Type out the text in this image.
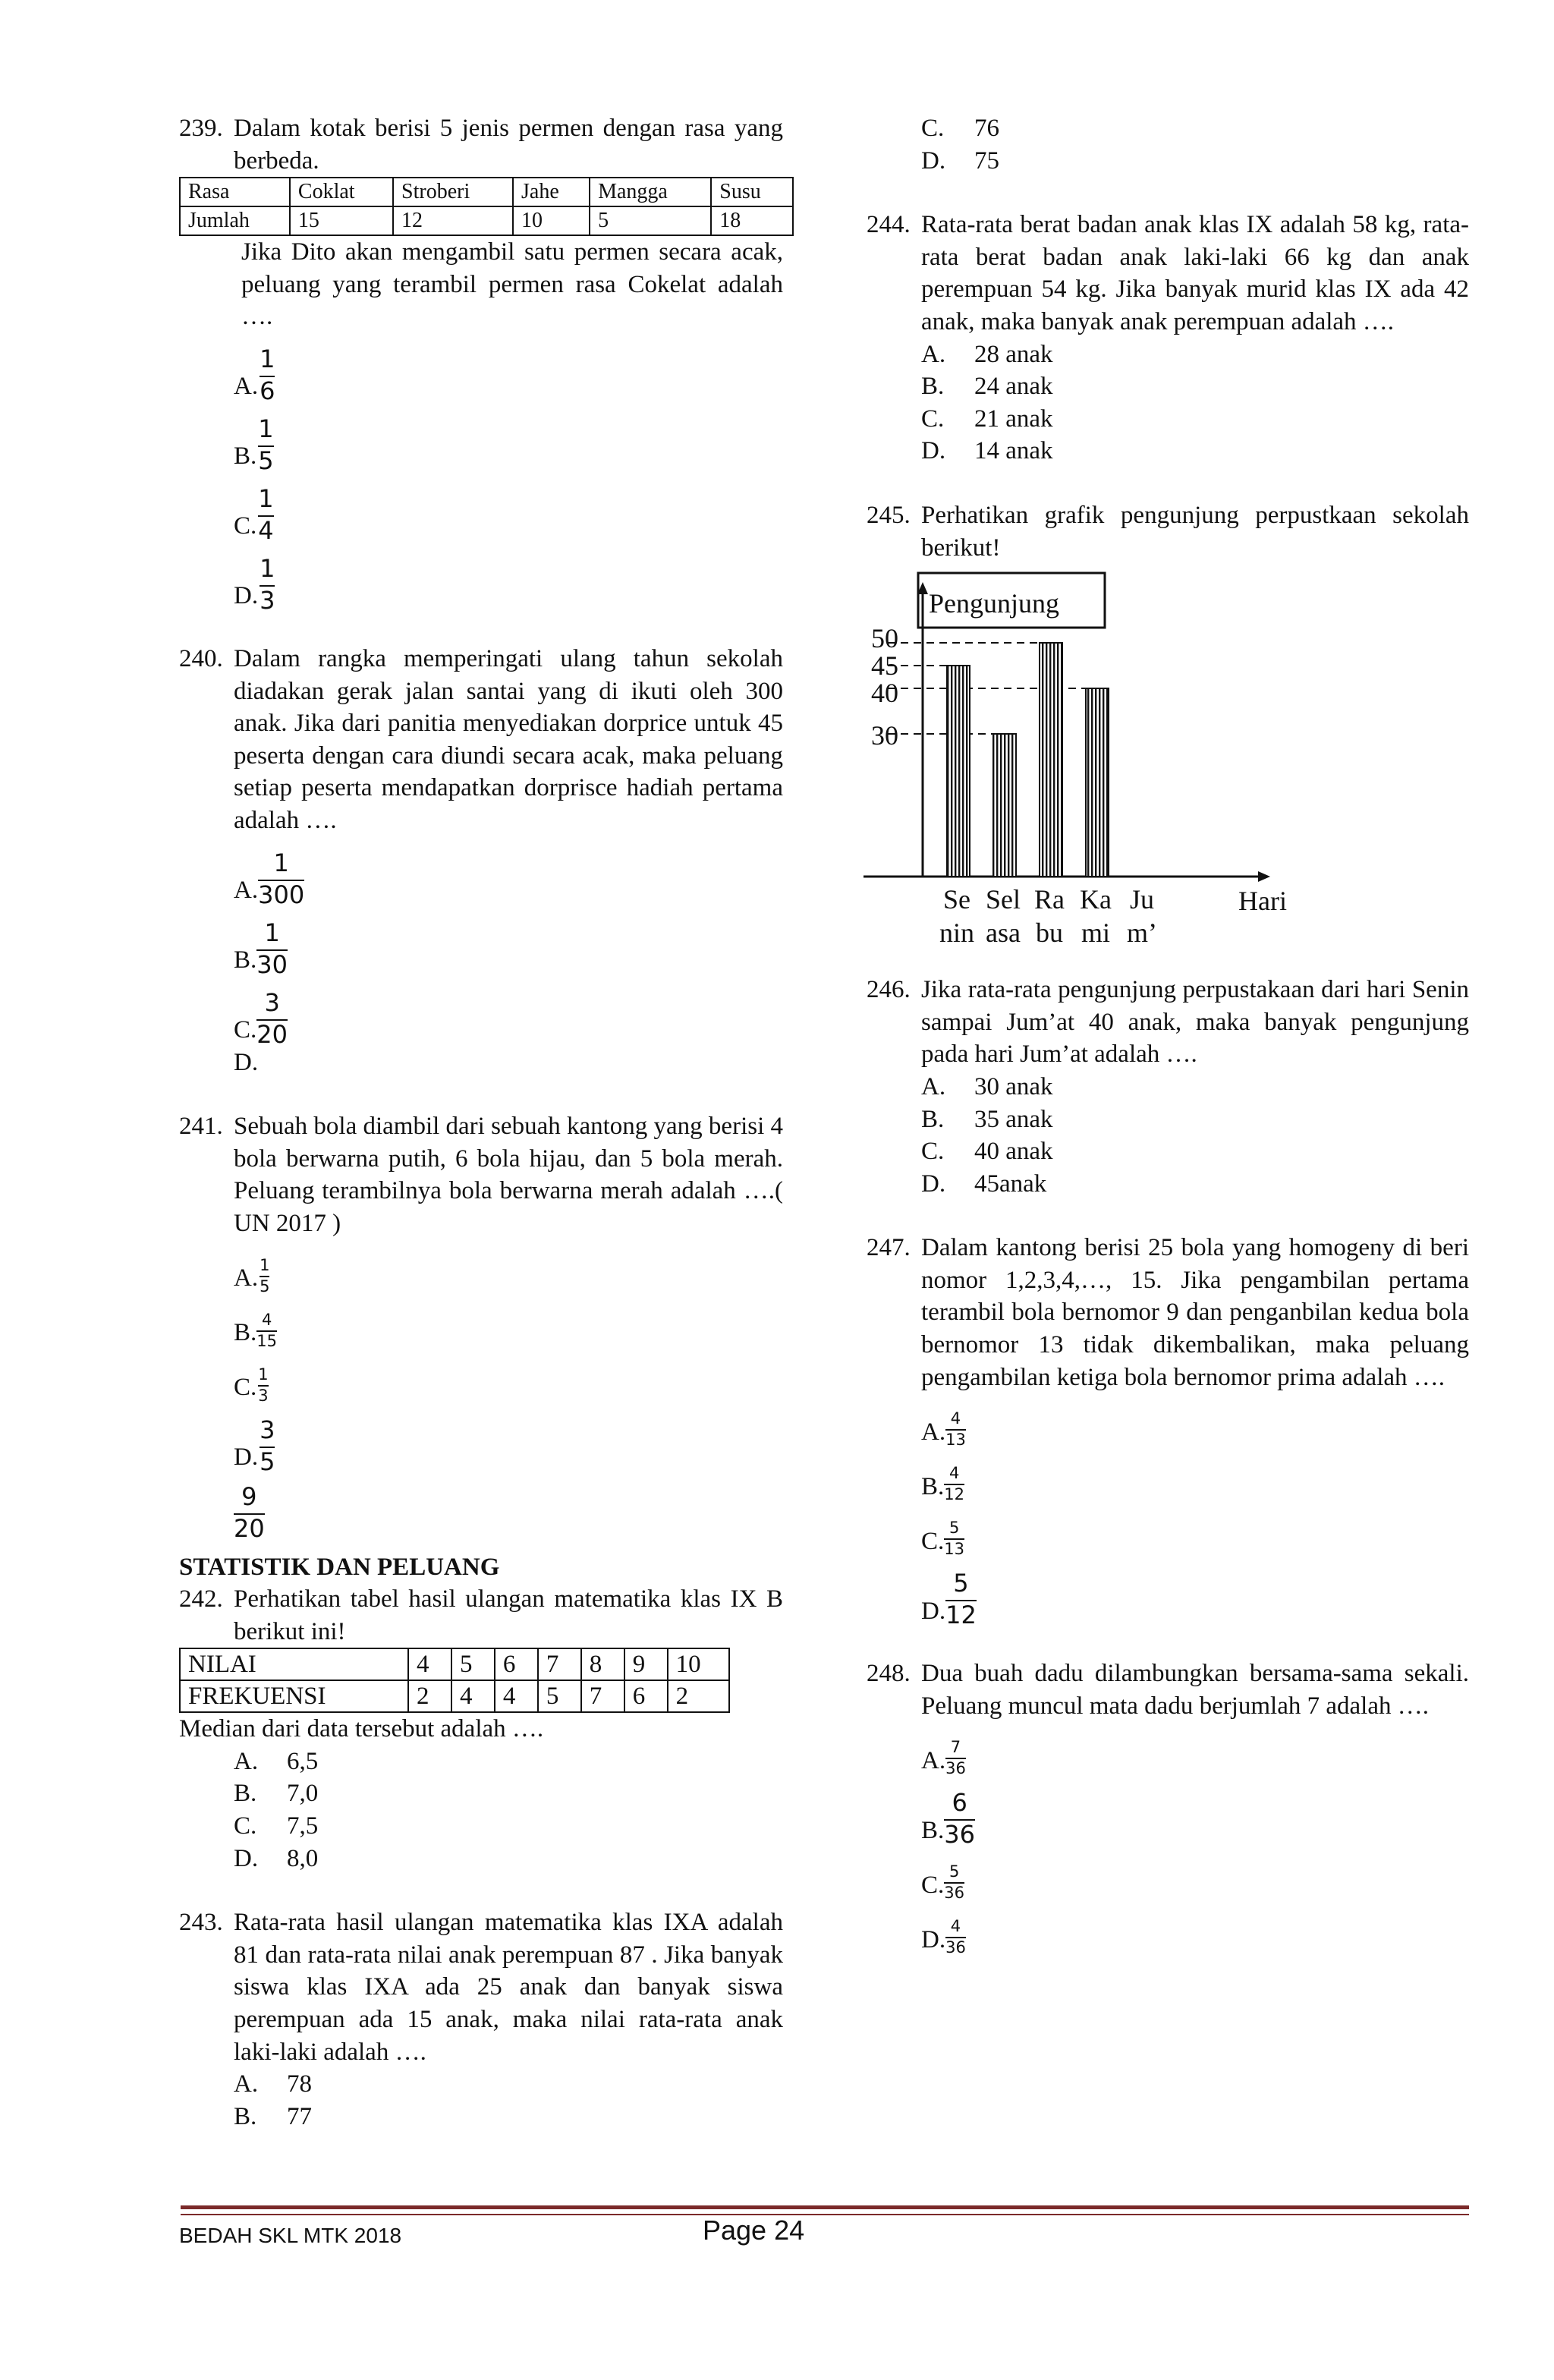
239. Dalam kotak berisi 5 jenis permen dengan rasa yang berbeda.
Rasa	Coklat	Stroberi	Jahe	Mangga	Susu
Jumlah	15	12	10	5	18
Jika Dito akan mengambil satu permen secara acak, peluang yang terambil permen rasa Cokelat adalah ….
A. $\frac{1}{6}$
B. $\frac{1}{5}$
C. $\frac{1}{4}$
D. $\frac{1}{3}$
240. Dalam rangka memperingati ulang tahun sekolah diadakan gerak jalan santai yang di ikuti oleh 300 anak. Jika dari panitia menyediakan dorprice untuk 45 peserta dengan cara diundi secara acak, maka peluang setiap peserta mendapatkan dorprisce hadiah pertama adalah ….
A. $\frac{1}{300}$
B. $\frac{1}{30}$
C. $\frac{3}{20}$
D.
241. Sebuah bola diambil dari sebuah kantong yang berisi 4 bola berwarna putih, 6 bola hijau, dan 5 bola merah. Peluang terambilnya bola berwarna merah adalah ….( UN 2017 )
A. $\frac{1}{5}$
B. $\frac{4}{15}$
C. $\frac{1}{3}$
D. $\frac{3}{5}$
$\frac{9}{20}$
STATISTIK DAN PELUANG
242. Perhatikan tabel hasil ulangan matematika klas IX B berikut ini!
NILAI	4	5	6	7	8	9	10
FREKUENSI	2	4	4	5	7	6	2
Median dari data tersebut adalah ….
A. 6,5
B. 7,0
C. 7,5
D. 8,0
243. Rata-rata hasil ulangan matematika klas IXA adalah 81 dan rata-rata nilai anak perempuan 87 . Jika banyak siswa klas IXA ada 25 anak dan banyak siswa perempuan ada 15 anak, maka nilai rata-rata anak laki-laki adalah ….
A. 78
B. 77
C. 76
D. 75
244. Rata-rata berat badan anak klas IX adalah 58 kg, rata-rata berat badan anak laki-laki 66 kg dan anak perempuan 54 kg. Jika banyak murid klas IX ada 42 anak, maka banyak anak perempuan adalah ….
A. 28 anak
B. 24 anak
C. 21 anak
D. 14 anak
245. Perhatikan grafik pengunjung perpustkaan sekolah berikut!
Pengunjung
Hari
50
45
40
30
Se
nin
Sel
asa
Ra
bu
Ka
mi
Ju
m’
246. Jika rata-rata pengunjung perpustakaan dari hari Senin sampai Jum’at 40 anak, maka banyak pengunjung pada hari Jum’at adalah ….
A. 30 anak
B. 35 anak
C. 40 anak
D. 45anak
247. Dalam kantong berisi 25 bola yang homogeny di beri nomor 1,2,3,4,…, 15. Jika pengambilan pertama terambil bola bernomor 9 dan penganbilan kedua bola bernomor 13 tidak dikembalikan, maka peluang pengambilan ketiga bola bernomor prima adalah ….
A. $\frac{4}{13}$
B. $\frac{4}{12}$
C. $\frac{5}{13}$
D. $\frac{5}{12}$
248. Dua buah dadu dilambungkan bersama-sama sekali. Peluang muncul mata dadu berjumlah 7 adalah ….
A. $\frac{7}{36}$
B. $\frac{6}{36}$
C. $\frac{5}{36}$
D. $\frac{4}{36}$
BEDAH SKL MTK 2018	Page 24
